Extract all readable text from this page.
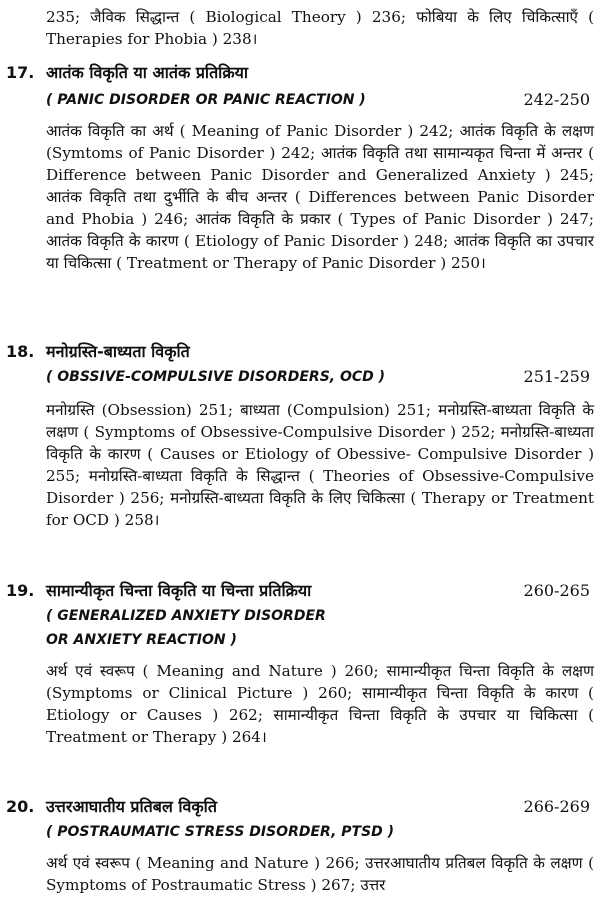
235; जैविक सिद्धान्त ( Biological Theory ) 236; फोबिया के लिए चिकित्साएँ ( Therapies for Phobia ) 238।
17. आतंक विकृति या आतंक प्रतिक्रिया
( PANIC DISORDER OR PANIC REACTION )	242-250
आतंक विकृति का अर्थ ( Meaning of Panic Disorder ) 242; आतंक विकृति के लक्षण (Symtoms of Panic Disorder ) 242; आतंक विकृति तथा सामान्यकृत चिन्ता में अन्तर ( Difference between Panic Disorder and Generalized Anxiety ) 245; आतंक विकृति तथा दुर्भीति के बीच अन्तर ( Differences between Panic Disorder and Phobia ) 246; आतंक विकृति के प्रकार ( Types of Panic Disorder ) 247; आतंक विकृति के कारण ( Etiology of Panic Disorder ) 248; आतंक विकृति का उपचार या चिकित्सा ( Treatment or Therapy of Panic Disorder ) 250।
18. मनोग्रस्ति-बाध्यता विकृति
( OBSSIVE-COMPULSIVE DISORDERS, OCD )	251-259
मनोग्रस्ति (Obsession) 251; बाध्यता (Compulsion) 251; मनोग्रस्ति-बाध्यता विकृति के लक्षण ( Symptoms of Obsessive-Compulsive Disorder ) 252; मनोग्रस्ति-बाध्यता विकृति के कारण ( Causes or Etiology of Obessive- Compulsive Disorder ) 255; मनोग्रस्ति-बाध्यता विकृति के सिद्धान्त ( Theories of Obsessive-Compulsive Disorder ) 256; मनोग्रस्ति-बाध्यता विकृति के लिए चिकित्सा ( Therapy or Treatment for OCD ) 258।
19. सामान्यीकृत चिन्ता विकृति या चिन्ता प्रतिक्रिया	260-265
( GENERALIZED ANXIETY DISORDER
OR ANXIETY REACTION )
अर्थ एवं स्वरूप ( Meaning and Nature ) 260; सामान्यीकृत चिन्ता विकृति के लक्षण (Symptoms or Clinical Picture ) 260; सामान्यीकृत चिन्ता विकृति के कारण ( Etiology or Causes ) 262; सामान्यीकृत चिन्ता विकृति के उपचार या चिकित्सा ( Treatment or Therapy ) 264।
20. उत्तरआघातीय प्रतिबल विकृति	266-269
( POSTRAUMATIC STRESS DISORDER, PTSD )
अर्थ एवं स्वरूप ( Meaning and Nature ) 266; उत्तरआघातीय प्रतिबल विकृति के लक्षण ( Symptoms of Postraumatic Stress ) 267; उत्तर
